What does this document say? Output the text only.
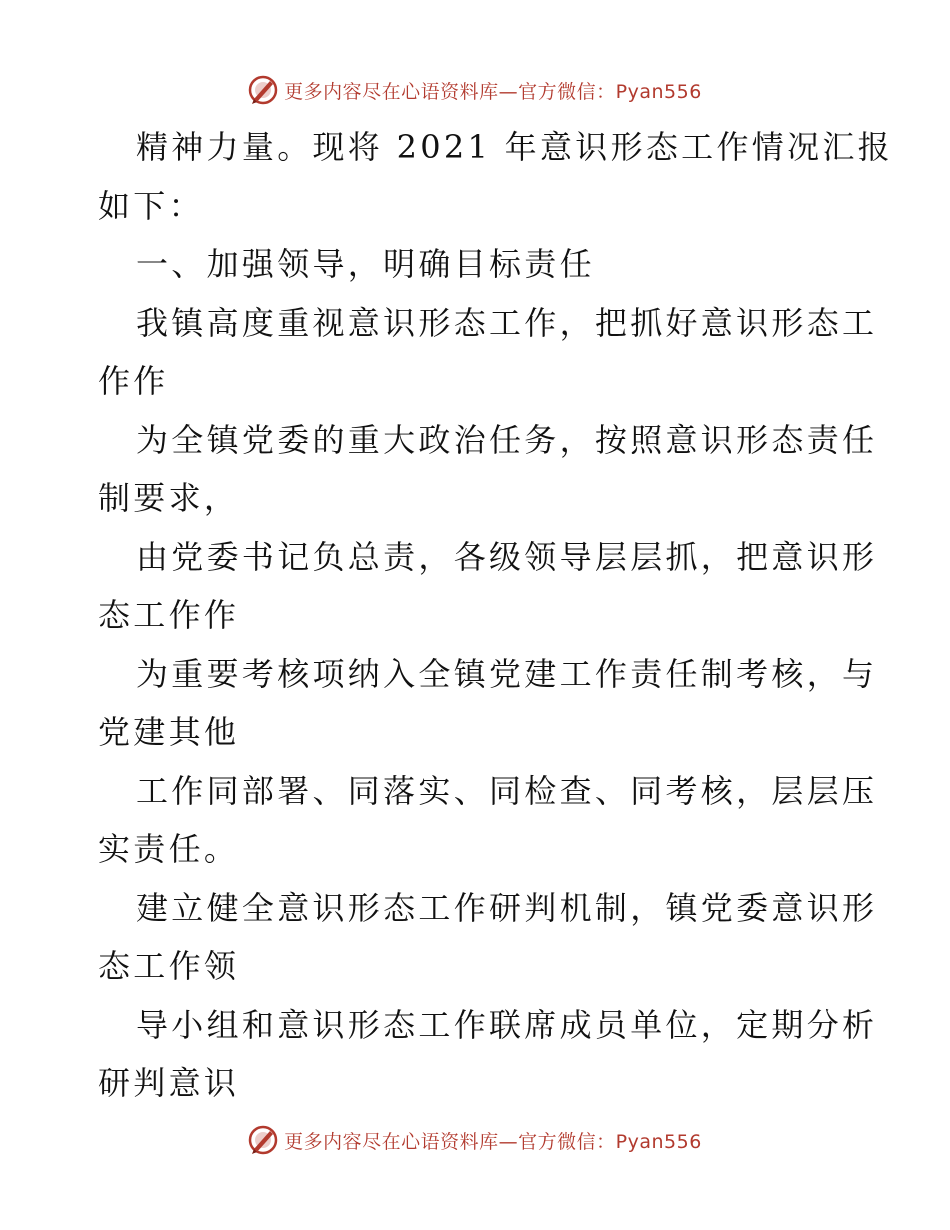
更多内容尽在心语资料库—官方微信：Pyan556
精神力量。现将 2021 年意识形态工作情况汇报
如下：
一、加强领导，明确目标责任
我镇高度重视意识形态工作，把抓好意识形态工
作作
为全镇党委的重大政治任务，按照意识形态责任
制要求，
由党委书记负总责，各级领导层层抓，把意识形
态工作作
为重要考核项纳入全镇党建工作责任制考核，与
党建其他
工作同部署、同落实、同检查、同考核，层层压
实责任。
建立健全意识形态工作研判机制，镇党委意识形
态工作领
导小组和意识形态工作联席成员单位，定期分析
研判意识
更多内容尽在心语资料库—官方微信：Pyan556
